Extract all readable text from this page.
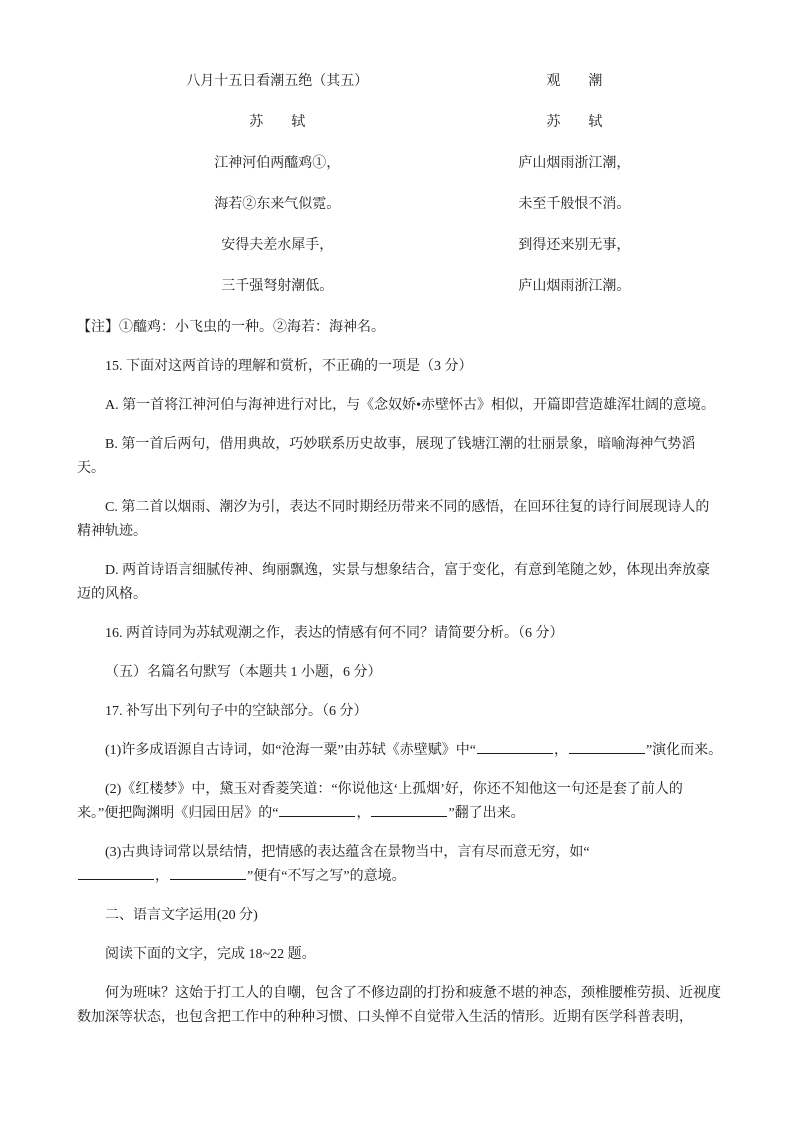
八月十五日看潮五绝（其五）	观　　潮
苏　　轼	苏　　轼
江神河伯两醯鸡①，	庐山烟雨浙江潮，
海若②东来气似霓。	未至千般恨不消。
安得夫差水犀手，	到得还来别无事，
三千强弩射潮低。	庐山烟雨浙江潮。

【注】①醯鸡：小飞虫的一种。②海若：海神名。

15. 下面对这两首诗的理解和赏析，不正确的一项是（3 分）

A. 第一首将江神河伯与海神进行对比，与《念奴娇•赤壁怀古》相似，开篇即营造雄浑壮阔的意境。

B. 第一首后两句，借用典故，巧妙联系历史故事，展现了钱塘江潮的壮丽景象，暗喻海神气势滔天。

C. 第二首以烟雨、潮汐为引，表达不同时期经历带来不同的感悟，在回环往复的诗行间展现诗人的精神轨迹。

D. 两首诗语言细腻传神、绚丽飘逸，实景与想象结合，富于变化，有意到笔随之妙，体现出奔放豪迈的风格。

16. 两首诗同为苏轼观潮之作，表达的情感有何不同？请简要分析。（6 分）

（五）名篇名句默写（本题共 1 小题，6 分）

17. 补写出下列句子中的空缺部分。（6 分）

(1)许多成语源自古诗词，如“沧海一粟”由苏轼《赤壁赋》中“	，	”演化而来。

(2)《红楼梦》中，黛玉对香菱笑道：“你说他这‘上孤烟’好，你还不知他这一句还是套了前人的来。”便把陶渊明《归园田居》的“	，	”翻了出来。

(3)古典诗词常以景结情，把情感的表达蕴含在景物当中，言有尽而意无穷，如“，	”便有“不写之写”的意境。

二、语言文字运用(20 分)

阅读下面的文字，完成 18~22 题。

何为班味？这始于打工人的自嘲，包含了不修边副的打扮和疲惫不堪的神态，颈椎腰椎劳损、近视度数加深等状态，也包含把工作中的种种习惯、口头惮不自觉带入生活的情形。近期有医学科普表明，
